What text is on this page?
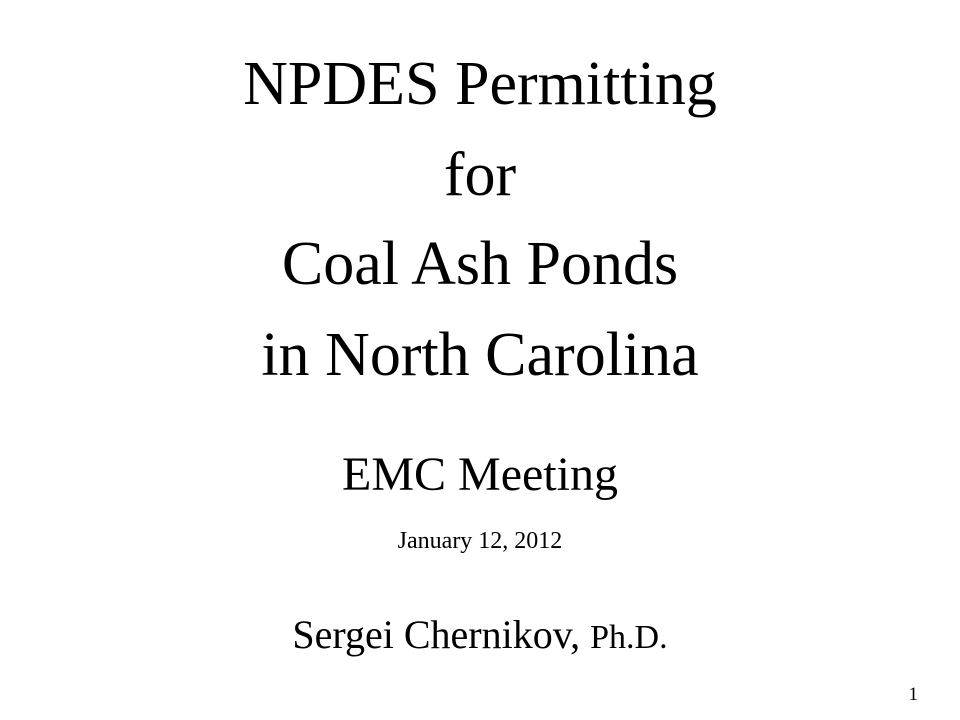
NPDES Permitting
for
Coal Ash Ponds
in North Carolina
EMC Meeting
January 12, 2012
Sergei Chernikov, Ph.D.
1
